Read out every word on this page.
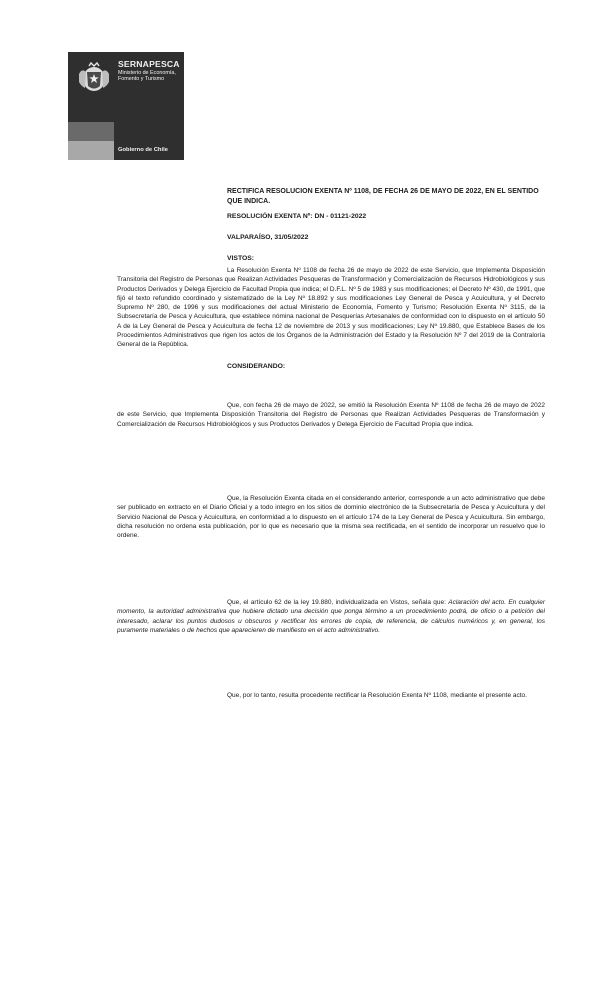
SERNAPESCA
Ministerio de Economía, Fomento y Turismo
Gobierno de Chile
RECTIFICA RESOLUCION EXENTA Nº 1108, DE FECHA 26 DE MAYO DE 2022, EN EL SENTIDO QUE INDICA.
RESOLUCIÓN EXENTA Nº: DN - 01121-2022
VALPARAÍSO, 31/05/2022
VISTOS:
La Resolución Exenta Nº 1108 de fecha 26 de mayo de 2022 de este Servicio, que Implementa Disposición Transitoria del Registro de Personas que Realizan Actividades Pesqueras de Transformación y Comercialización de Recursos Hidrobiológicos y sus Productos Derivados y Delega Ejercicio de Facultad Propia que indica; el D.F.L. Nº 5 de 1983 y sus modificaciones; el Decreto Nº 430, de 1991, que fijó el texto refundido coordinado y sistematizado de la Ley Nº 18.892 y sus modificaciones Ley General de Pesca y Acuicultura, y el Decreto Supremo Nº 280, de 1996 y sus modificaciones del actual Ministerio de Economía, Fomento y Turismo; Resolución Exenta Nº 3115, de la Subsecretaría de Pesca y Acuicultura, que establece nómina nacional de Pesquerías Artesanales de conformidad con lo dispuesto en el artículo 50 A de la Ley General de Pesca y Acuicultura de fecha 12 de noviembre de 2013 y sus modificaciones; Ley Nº 19.880, que Establece Bases de los Procedimientos Administrativos que rigen los actos de los Órganos de la Administración del Estado y la Resolución Nº 7 del 2019 de la Contraloría General de la República.
CONSIDERANDO:
Que, con fecha 26 de mayo de 2022, se emitió la Resolución Exenta Nº 1108 de fecha 26 de mayo de 2022 de este Servicio, que Implementa Disposición Transitoria del Registro de Personas que Realizan Actividades Pesqueras de Transformación y Comercialización de Recursos Hidrobiológicos y sus Productos Derivados y Delega Ejercicio de Facultad Propia que indica.
Que, la Resolución Exenta citada en el considerando anterior, corresponde a un acto administrativo que debe ser publicado en extracto en el Diario Oficial y a todo integro en los sitios de dominio electrónico de la Subsecretaría de Pesca y Acuicultura y del Servicio Nacional de Pesca y Acuicultura, en conformidad a lo dispuesto en el artículo 174 de la Ley General de Pesca y Acuicultura. Sin embargo, dicha resolución no ordena esta publicación, por lo que es necesario que la misma sea rectificada, en el sentido de incorporar un resuelvo que lo ordene.
Que, el artículo 62 de la ley 19.880, individualizada en Vistos, señala que: Aclaración del acto. En cualquier momento, la autoridad administrativa que hubiere dictado una decisión que ponga término a un procedimiento podrá, de oficio o a petición del interesado, aclarar los puntos dudosos u obscuros y rectificar los errores de copia, de referencia, de cálculos numéricos y, en general, los puramente materiales o de hechos que aparecieren de manifiesto en el acto administrativo.
Que, por lo tanto, resulta procedente rectificar la Resolución Exenta Nº 1108, mediante el presente acto.
